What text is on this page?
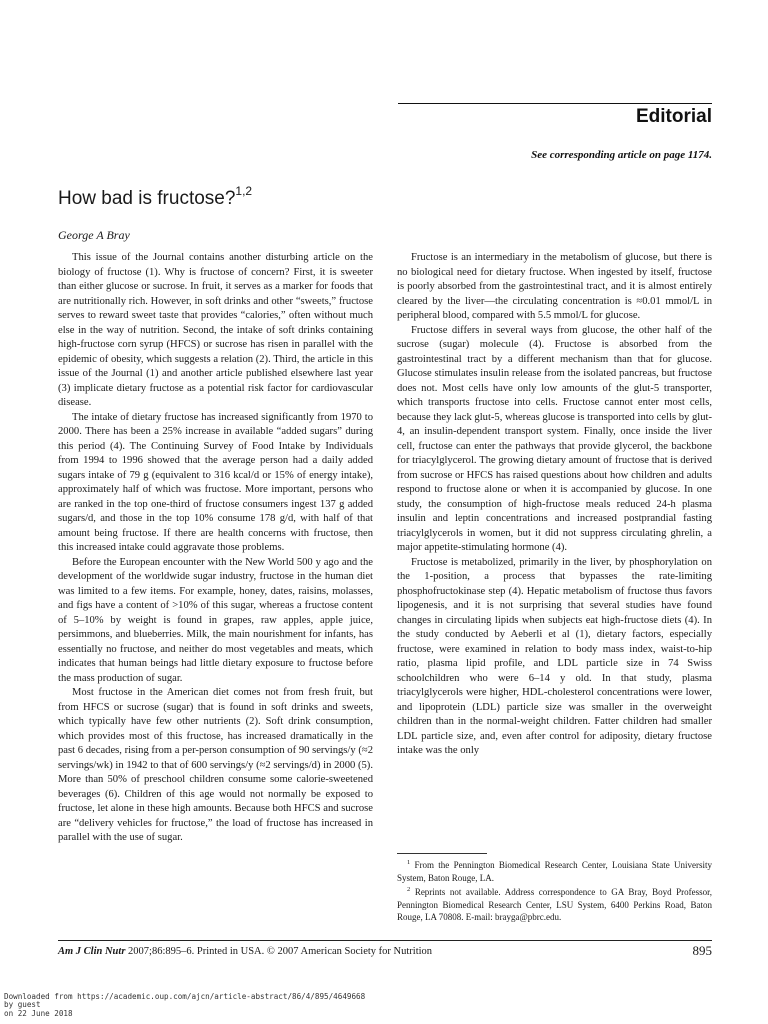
Editorial
See corresponding article on page 1174.
How bad is fructose?$^{1,2}$
George A Bray

This issue of the Journal contains another disturbing article on the biology of fructose (1). Why is fructose of concern? First, it is sweeter than either glucose or sucrose. In fruit, it serves as a marker for foods that are nutritionally rich. However, in soft drinks and other “sweets,” fructose serves to reward sweet taste that provides “calories,” often without much else in the way of nutrition. Second, the intake of soft drinks containing high-fructose corn syrup (HFCS) or sucrose has risen in parallel with the epidemic of obesity, which suggests a relation (2). Third, the article in this issue of the Journal (1) and another article published elsewhere last year (3) implicate dietary fructose as a potential risk factor for cardiovascular disease.

The intake of dietary fructose has increased significantly from 1970 to 2000. There has been a 25% increase in available “added sugars” during this period (4). The Continuing Survey of Food Intake by Individuals from 1994 to 1996 showed that the average person had a daily added sugars intake of 79 g (equivalent to 316 kcal/d or 15% of energy intake), approximately half of which was fructose. More important, persons who are ranked in the top one-third of fructose consumers ingest 137 g added sugars/d, and those in the top 10% consume 178 g/d, with half of that amount being fructose. If there are health concerns with fructose, then this increased intake could aggravate those problems.

Before the European encounter with the New World 500 y ago and the development of the worldwide sugar industry, fructose in the human diet was limited to a few items. For example, honey, dates, raisins, molasses, and figs have a content of >10% of this sugar, whereas a fructose content of 5–10% by weight is found in grapes, raw apples, apple juice, persimmons, and blueberries. Milk, the main nourishment for infants, has essentially no fructose, and neither do most vegetables and meats, which indicates that human beings had little dietary exposure to fructose before the mass production of sugar.

Most fructose in the American diet comes not from fresh fruit, but from HFCS or sucrose (sugar) that is found in soft drinks and sweets, which typically have few other nutrients (2). Soft drink consumption, which provides most of this fructose, has increased dramatically in the past 6 decades, rising from a per-person consumption of 90 servings/y (≈2 servings/wk) in 1942 to that of 600 servings/y (≈2 servings/d) in 2000 (5). More than 50% of preschool children consume some calorie-sweetened beverages (6). Children of this age would not normally be exposed to fructose, let alone in these high amounts. Because both HFCS and sucrose are “delivery vehicles for fructose,” the load of fructose has increased in parallel with the use of sugar.

Fructose is an intermediary in the metabolism of glucose, but there is no biological need for dietary fructose. When ingested by itself, fructose is poorly absorbed from the gastrointestinal tract, and it is almost entirely cleared by the liver—the circulating concentration is ≈0.01 mmol/L in peripheral blood, compared with 5.5 mmol/L for glucose.

Fructose differs in several ways from glucose, the other half of the sucrose (sugar) molecule (4). Fructose is absorbed from the gastrointestinal tract by a different mechanism than that for glucose. Glucose stimulates insulin release from the isolated pancreas, but fructose does not. Most cells have only low amounts of the glut-5 transporter, which transports fructose into cells. Fructose cannot enter most cells, because they lack glut-5, whereas glucose is transported into cells by glut-4, an insulin-dependent transport system. Finally, once inside the liver cell, fructose can enter the pathways that provide glycerol, the backbone for triacylglycerol. The growing dietary amount of fructose that is derived from sucrose or HFCS has raised questions about how children and adults respond to fructose alone or when it is accompanied by glucose. In one study, the consumption of high-fructose meals reduced 24-h plasma insulin and leptin concentrations and increased postprandial fasting triacylglycerols in women, but it did not suppress circulating ghrelin, a major appetite-stimulating hormone (4).

Fructose is metabolized, primarily in the liver, by phosphorylation on the 1-position, a process that bypasses the rate-limiting phosphofructokinase step (4). Hepatic metabolism of fructose thus favors lipogenesis, and it is not surprising that several studies have found changes in circulating lipids when subjects eat high-fructose diets (4). In the study conducted by Aeberli et al (1), dietary factors, especially fructose, were examined in relation to body mass index, waist-to-hip ratio, plasma lipid profile, and LDL particle size in 74 Swiss schoolchildren who were 6–14 y old. In that study, plasma triacylglycerols were higher, HDL-cholesterol concentrations were lower, and lipoprotein (LDL) particle size was smaller in the overweight children than in the normal-weight children. Fatter children had smaller LDL particle size, and, even after control for adiposity, dietary fructose intake was the only

$^1$ From the Pennington Biomedical Research Center, Louisiana State University System, Baton Rouge, LA.

$^2$ Reprints not available. Address correspondence to GA Bray, Boyd Professor, Pennington Biomedical Research Center, LSU System, 6400 Perkins Road, Baton Rouge, LA 70808. E-mail: brayga@pbrc.edu.

Am J Clin Nutr 2007;86:895–6. Printed in USA. © 2007 American Society for Nutrition	895
Downloaded from https://academic.oup.com/ajcn/article-abstract/86/4/895/4649668
by guest
on 22 June 2018
